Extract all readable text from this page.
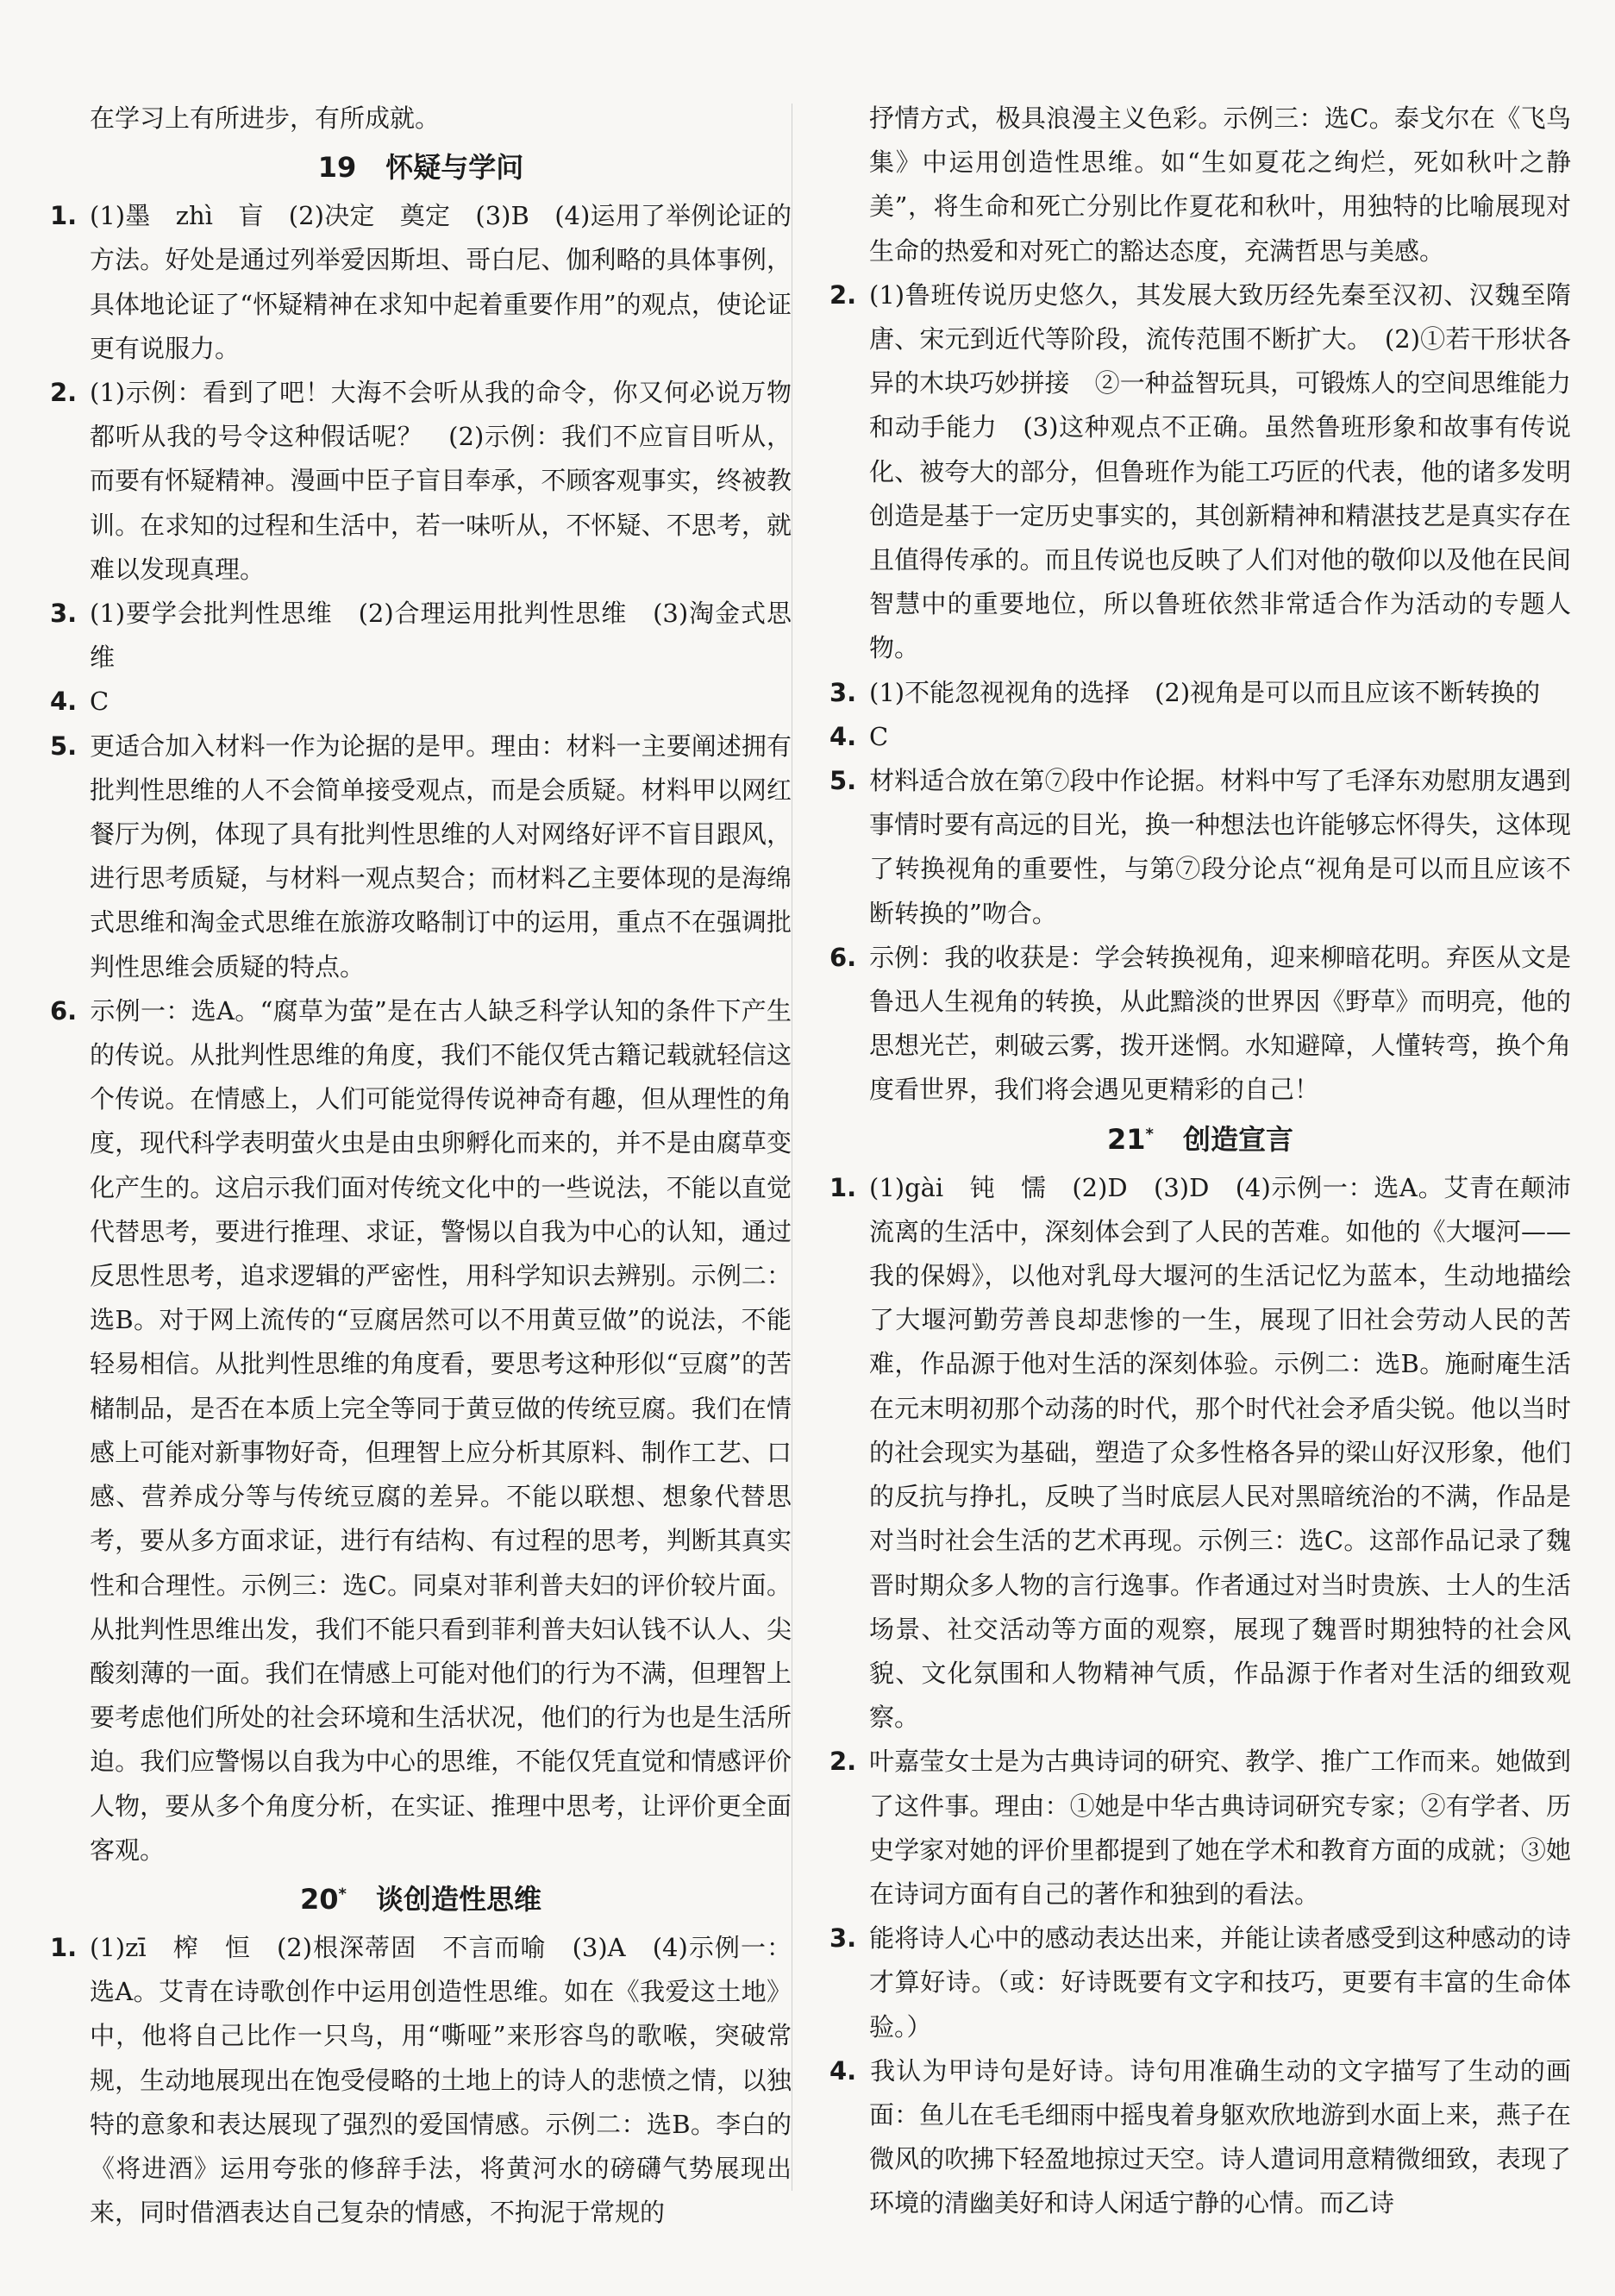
在学习上有所进步，有所成就。

19 怀疑与学问

1. (1)墨　zhì　盲　(2)决定　奠定　(3)B　(4)运用了举例论证的方法。好处是通过列举爱因斯坦、哥白尼、伽利略的具体事例，具体地论证了“怀疑精神在求知中起着重要作用”的观点，使论证更有说服力。

2. (1)示例：看到了吧！大海不会听从我的命令，你又何必说万物都听从我的号令这种假话呢？　(2)示例：我们不应盲目听从，而要有怀疑精神。漫画中臣子盲目奉承，不顾客观事实，终被教训。在求知的过程和生活中，若一味听从，不怀疑、不思考，就难以发现真理。

3. (1)要学会批判性思维　(2)合理运用批判性思维　(3)淘金式思维

4. C

5. 更适合加入材料一作为论据的是甲。理由：材料一主要阐述拥有批判性思维的人不会简单接受观点，而是会质疑。材料甲以网红餐厅为例，体现了具有批判性思维的人对网络好评不盲目跟风，进行思考质疑，与材料一观点契合；而材料乙主要体现的是海绵式思维和淘金式思维在旅游攻略制订中的运用，重点不在强调批判性思维会质疑的特点。

6. 示例一：选A。“腐草为萤”是在古人缺乏科学认知的条件下产生的传说。从批判性思维的角度，我们不能仅凭古籍记载就轻信这个传说。在情感上，人们可能觉得传说神奇有趣，但从理性的角度，现代科学表明萤火虫是由虫卵孵化而来的，并不是由腐草变化产生的。这启示我们面对传统文化中的一些说法，不能以直觉代替思考，要进行推理、求证，警惕以自我为中心的认知，通过反思性思考，追求逻辑的严密性，用科学知识去辨别。示例二：选B。对于网上流传的“豆腐居然可以不用黄豆做”的说法，不能轻易相信。从批判性思维的角度看，要思考这种形似“豆腐”的苦槠制品，是否在本质上完全等同于黄豆做的传统豆腐。我们在情感上可能对新事物好奇，但理智上应分析其原料、制作工艺、口感、营养成分等与传统豆腐的差异。不能以联想、想象代替思考，要从多方面求证，进行有结构、有过程的思考，判断其真实性和合理性。示例三：选C。同桌对菲利普夫妇的评价较片面。从批判性思维出发，我们不能只看到菲利普夫妇认钱不认人、尖酸刻薄的一面。我们在情感上可能对他们的行为不满，但理智上要考虑他们所处的社会环境和生活状况，他们的行为也是生活所迫。我们应警惕以自我为中心的思维，不能仅凭直觉和情感评价人物，要从多个角度分析，在实证、推理中思考，让评价更全面客观。

20* 谈创造性思维

1. (1)zī　榨　恒　(2)根深蒂固　不言而喻　(3)A　(4)示例一：选A。艾青在诗歌创作中运用创造性思维。如在《我爱这土地》中，他将自己比作一只鸟，用“嘶哑”来形容鸟的歌喉，突破常规，生动地展现出在饱受侵略的土地上的诗人的悲愤之情，以独特的意象和表达展现了强烈的爱国情感。示例二：选B。李白的《将进酒》运用夸张的修辞手法，将黄河水的磅礴气势展现出来，同时借酒表达自己复杂的情感，不拘泥于常规的

抒情方式，极具浪漫主义色彩。示例三：选C。泰戈尔在《飞鸟集》中运用创造性思维。如“生如夏花之绚烂，死如秋叶之静美”，将生命和死亡分别比作夏花和秋叶，用独特的比喻展现对生命的热爱和对死亡的豁达态度，充满哲思与美感。

2. (1)鲁班传说历史悠久，其发展大致历经先秦至汉初、汉魏至隋唐、宋元到近代等阶段，流传范围不断扩大。　(2)①若干形状各异的木块巧妙拼接　②一种益智玩具，可锻炼人的空间思维能力和动手能力　(3)这种观点不正确。虽然鲁班形象和故事有传说化、被夸大的部分，但鲁班作为能工巧匠的代表，他的诸多发明创造是基于一定历史事实的，其创新精神和精湛技艺是真实存在且值得传承的。而且传说也反映了人们对他的敬仰以及他在民间智慧中的重要地位，所以鲁班依然非常适合作为活动的专题人物。

3. (1)不能忽视视角的选择　(2)视角是可以而且应该不断转换的

4. C

5. 材料适合放在第⑦段中作论据。材料中写了毛泽东劝慰朋友遇到事情时要有高远的目光，换一种想法也许能够忘怀得失，这体现了转换视角的重要性，与第⑦段分论点“视角是可以而且应该不断转换的”吻合。

6. 示例：我的收获是：学会转换视角，迎来柳暗花明。弃医从文是鲁迅人生视角的转换，从此黯淡的世界因《野草》而明亮，他的思想光芒，刺破云雾，拨开迷惘。水知避障，人懂转弯，换个角度看世界，我们将会遇见更精彩的自己！

21* 创造宣言

1. (1)gài　钝　懦　(2)D　(3)D　(4)示例一：选A。艾青在颠沛流离的生活中，深刻体会到了人民的苦难。如他的《大堰河——我的保姆》，以他对乳母大堰河的生活记忆为蓝本，生动地描绘了大堰河勤劳善良却悲惨的一生，展现了旧社会劳动人民的苦难，作品源于他对生活的深刻体验。示例二：选B。施耐庵生活在元末明初那个动荡的时代，那个时代社会矛盾尖锐。他以当时的社会现实为基础，塑造了众多性格各异的梁山好汉形象，他们的反抗与挣扎，反映了当时底层人民对黑暗统治的不满，作品是对当时社会生活的艺术再现。示例三：选C。这部作品记录了魏晋时期众多人物的言行逸事。作者通过对当时贵族、士人的生活场景、社交活动等方面的观察，展现了魏晋时期独特的社会风貌、文化氛围和人物精神气质，作品源于作者对生活的细致观察。

2. 叶嘉莹女士是为古典诗词的研究、教学、推广工作而来。她做到了这件事。理由：①她是中华古典诗词研究专家；②有学者、历史学家对她的评价里都提到了她在学术和教育方面的成就；③她在诗词方面有自己的著作和独到的看法。

3. 能将诗人心中的感动表达出来，并能让读者感受到这种感动的诗才算好诗。（或：好诗既要有文字和技巧，更要有丰富的生命体验。）

4. 我认为甲诗句是好诗。诗句用准确生动的文字描写了生动的画面：鱼儿在毛毛细雨中摇曳着身躯欢欣地游到水面上来，燕子在微风的吹拂下轻盈地掠过天空。诗人遣词用意精微细致，表现了环境的清幽美好和诗人闲适宁静的心情。而乙诗
